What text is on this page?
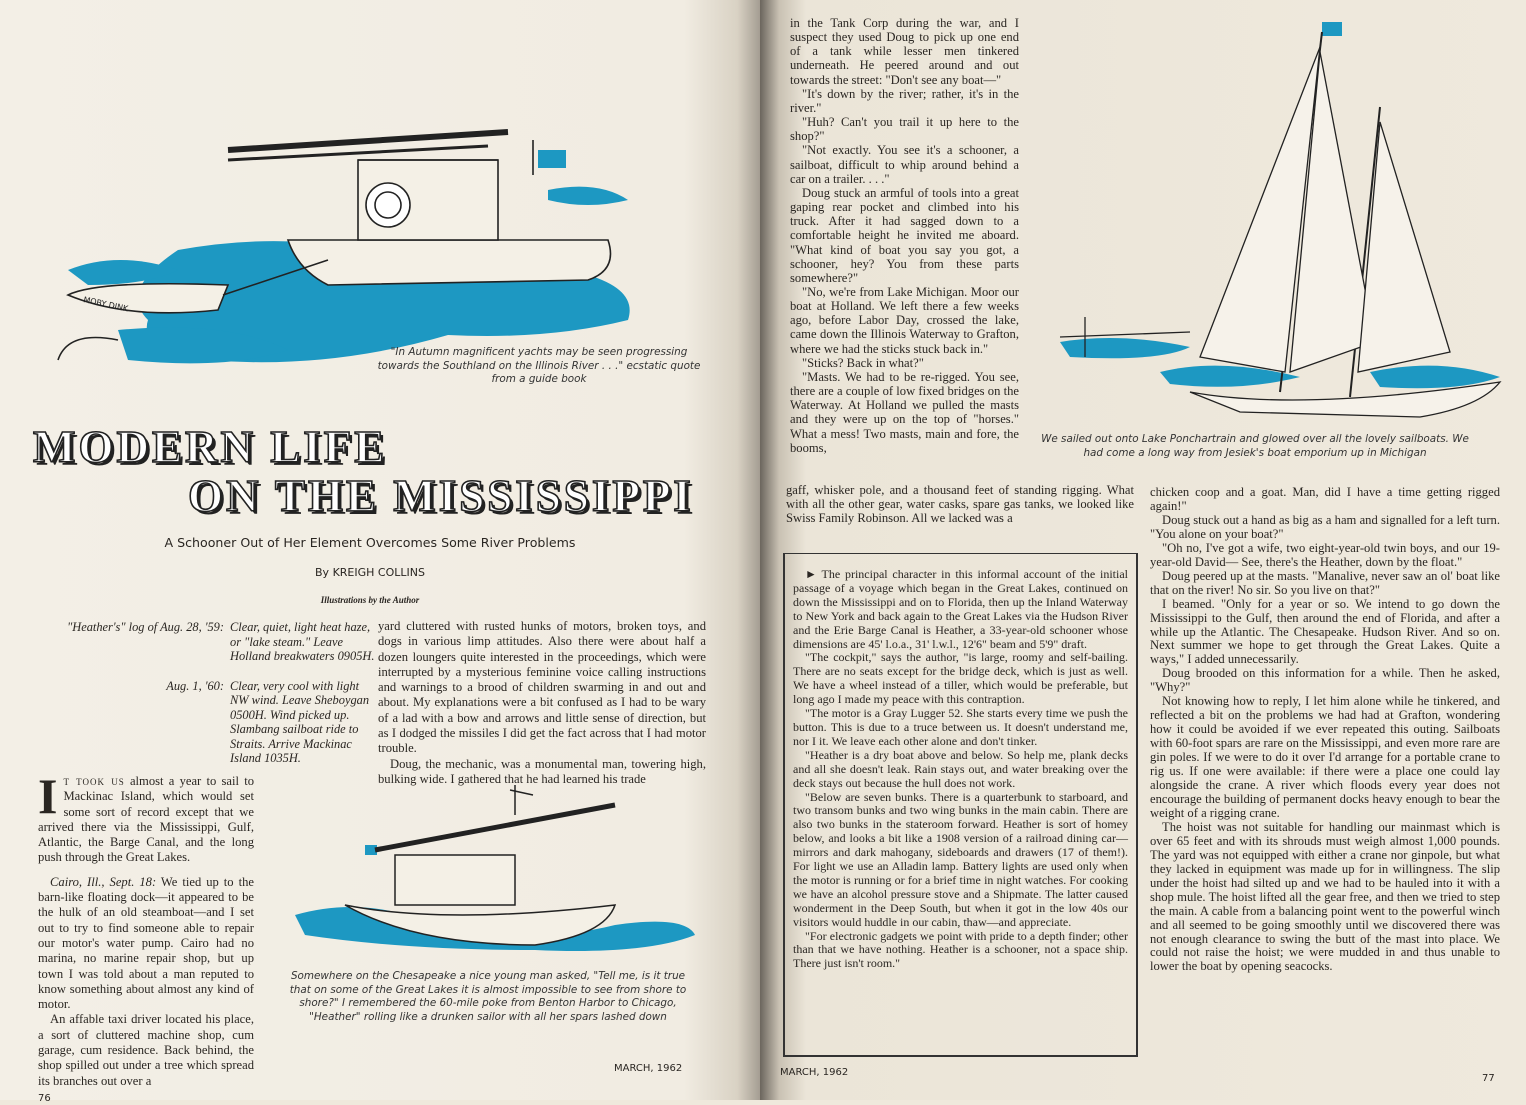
MOBY DINK
"In Autumn magnificent yachts may be seen progressing towards the Southland on the Illinois River . . ." ecstatic quote from a guide book
MODERN LIFE
ON THE MISSISSIPPI
A Schooner Out of Her Element Overcomes Some River Problems
By KREIGH COLLINS
Illustrations by the Author
"Heather's" log of Aug. 28, '59: Clear, quiet, light heat haze, or "lake steam." Leave Holland breakwaters 0905H.
Aug. 1, '60: Clear, very cool with light NW wind. Leave Sheboygan 0500H. Wind picked up. Slambang sailboat ride to Straits. Arrive Mackinac Island 1035H.

It took us almost a year to sail to Mackinac Island, which would set some sort of record except that we arrived there via the Mississippi, Gulf, Atlantic, the Barge Canal, and the long push through the Great Lakes.

Cairo, Ill., Sept. 18: We tied up to the barn-like floating dock—it appeared to be the hulk of an old steamboat—and I set out to try to find someone able to repair our motor's water pump. Cairo had no marina, no marine repair shop, but up town I was told about a man reputed to know something about almost any kind of motor.

An affable taxi driver located his place, a sort of cluttered machine shop, cum garage, cum residence. Back behind, the shop spilled out under a tree which spread its branches out over a

yard cluttered with rusted hunks of motors, broken toys, and dogs in various limp attitudes. Also there were about half a dozen loungers quite interested in the proceedings, which were interrupted by a mysterious feminine voice calling instructions and warnings to a brood of children swarming in and out and about. My explanations were a bit confused as I had to be wary of a lad with a bow and arrows and little sense of direction, but as I dodged the missiles I did get the fact across that I had motor trouble.

Doug, the mechanic, was a monumental man, towering high, bulking wide. I gathered that he had learned his trade

Somewhere on the Chesapeake a nice young man asked, "Tell me, is it true that on some of the Great Lakes it is almost impossible to see from shore to shore?" I remembered the 60-mile poke from Benton Harbor to Chicago, "Heather" rolling like a drunken sailor with all her spars lashed down
76
MARCH, 1962

in the Tank Corp during the war, and I suspect they used Doug to pick up one end of a tank while lesser men tinkered underneath. He peered around and out towards the street: "Don't see any boat—"

"It's down by the river; rather, it's in the river."

"Huh? Can't you trail it up here to the shop?"

"Not exactly. You see it's a schooner, a sailboat, difficult to whip around behind a car on a trailer. . . ."

Doug stuck an armful of tools into a great gaping rear pocket and climbed into his truck. After it had sagged down to a comfortable height he invited me aboard. "What kind of boat you say you got, a schooner, hey? You from these parts somewhere?"

"No, we're from Lake Michigan. Moor our boat at Holland. We left there a few weeks ago, before Labor Day, crossed the lake, came down the Illinois Waterway to Grafton, where we had the sticks stuck back in."

"Sticks? Back in what?"

"Masts. We had to be re-rigged. You see, there are a couple of low fixed bridges on the Waterway. At Holland we pulled the masts and they were up on the top of "horses." What a mess! Two masts, main and fore, the booms,

gaff, whisker pole, and a thousand feet of standing rigging. What with all the other gear, water casks, spare gas tanks, we looked like Swiss Family Robinson. All we lacked was a

We sailed out onto Lake Ponchartrain and glowed over all the lovely sailboats. We had come a long way from Jesiek's boat emporium up in Michigan

► The principal character in this informal account of the initial passage of a voyage which began in the Great Lakes, continued on down the Mississippi and on to Florida, then up the Inland Waterway to New York and back again to the Great Lakes via the Hudson River and the Erie Barge Canal is Heather, a 33-year-old schooner whose dimensions are 45' l.o.a., 31' l.w.l., 12'6" beam and 5'9" draft.

"The cockpit," says the author, "is large, roomy and self-bailing. There are no seats except for the bridge deck, which is just as well. We have a wheel instead of a tiller, which would be preferable, but long ago I made my peace with this contraption.

"The motor is a Gray Lugger 52. She starts every time we push the button. This is due to a truce between us. It doesn't understand me, nor I it. We leave each other alone and don't tinker.

"Heather is a dry boat above and below. So help me, plank decks and all she doesn't leak. Rain stays out, and water breaking over the deck stays out because the hull does not work.

"Below are seven bunks. There is a quarterbunk to starboard, and two transom bunks and two wing bunks in the main cabin. There are also two bunks in the stateroom forward. Heather is sort of homey below, and looks a bit like a 1908 version of a railroad dining car—mirrors and dark mahogany, sideboards and drawers (17 of them!). For light we use an Alladin lamp. Battery lights are used only when the motor is running or for a brief time in night watches. For cooking we have an alcohol pressure stove and a Shipmate. The latter caused wonderment in the Deep South, but when it got in the low 40s our visitors would huddle in our cabin, thaw—and appreciate.

"For electronic gadgets we point with pride to a depth finder; other than that we have nothing. Heather is a schooner, not a space ship. There just isn't room."

chicken coop and a goat. Man, did I have a time getting rigged again!"

Doug stuck out a hand as big as a ham and signalled for a left turn. "You alone on your boat?"

"Oh no, I've got a wife, two eight-year-old twin boys, and our 19-year-old David— See, there's the Heather, down by the float."

Doug peered up at the masts. "Manalive, never saw an ol' boat like that on the river! No sir. So you live on that?"

I beamed. "Only for a year or so. We intend to go down the Mississippi to the Gulf, then around the end of Florida, and after a while up the Atlantic. The Chesapeake. Hudson River. And so on. Next summer we hope to get through the Great Lakes. Quite a ways," I added unnecessarily.

Doug brooded on this information for a while. Then he asked, "Why?"

Not knowing how to reply, I let him alone while he tinkered, and reflected a bit on the problems we had had at Grafton, wondering how it could be avoided if we ever repeated this outing. Sailboats with 60-foot spars are rare on the Mississippi, and even more rare are gin poles. If we were to do it over I'd arrange for a portable crane to rig us. If one were available: if there were a place one could lay alongside the crane. A river which floods every year does not encourage the building of permanent docks heavy enough to bear the weight of a rigging crane.

The hoist was not suitable for handling our mainmast which is over 65 feet and with its shrouds must weigh almost 1,000 pounds. The yard was not equipped with either a crane nor ginpole, but what they lacked in equipment was made up for in willingness. The slip under the hoist had silted up and we had to be hauled into it with a shop mule. The hoist lifted all the gear free, and then we tried to step the main. A cable from a balancing point went to the powerful winch and all seemed to be going smoothly until we discovered there was not enough clearance to swing the butt of the mast into place. We could not raise the hoist; we were mudded in and thus unable to lower the boat by opening seacocks.

MARCH, 1962
77
